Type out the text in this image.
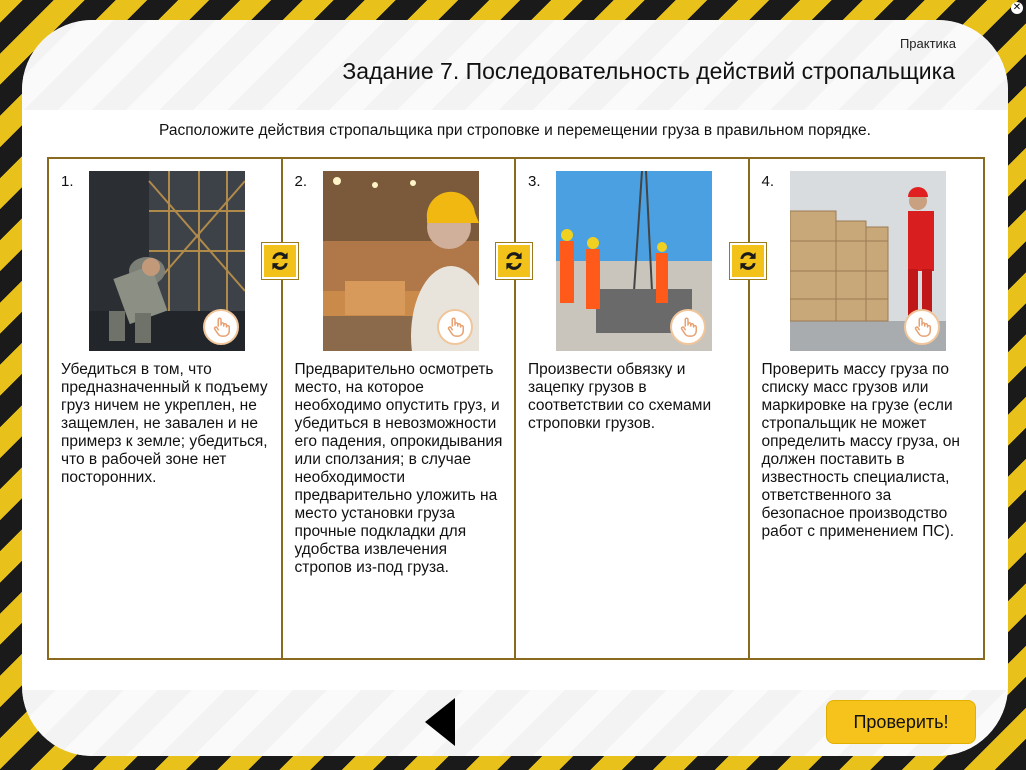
✕
Практика
Задание 7. Последовательность действий стропальщика
Расположите действия стропальщика при строповке и перемещении груза в правильном порядке.
1.
Убедиться в том, что предназначенный к подъему груз ничем не укреплен, не защемлен, не завален и не примерз к земле; убедиться, что в рабочей зоне нет посторонних.
2.
Предварительно осмотреть место, на которое необходимо опустить груз, и убедиться в невозможности его падения, опрокидывания или сползания; в случае необходимости предварительно уложить на место установки груза прочные подкладки для удобства извлечения стропов из-под груза.
3.
Произвести обвязку и зацепку грузов в соответствии со схемами строповки грузов.
4.
Проверить массу груза по списку масс грузов или маркировке на грузе (если стропальщик не может определить массу груза, он должен поставить в известность специалиста, ответственного за безопасное производство работ с применением ПС).
Проверить!
